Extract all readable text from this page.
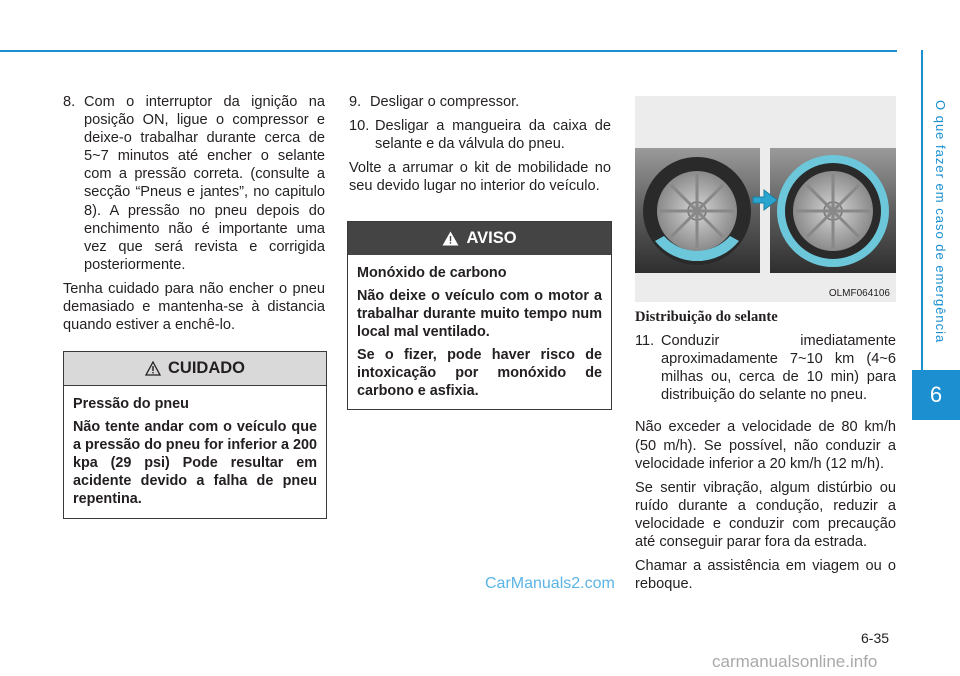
O que fazer em caso de emergência
6
8. Com o interruptor da ignição na posição ON, ligue o compressor e deixe-o trabalhar durante cerca de 5~7 minutos até encher o selante com a pressão correta. (consulte a secção “Pneus e jantes”, no capitulo 8). A pressão no pneu depois do enchimento não é importante uma vez que será revista e corrigida posteriormente.

Tenha cuidado para não encher o pneu demasiado e mantenha-se à distancia quando estiver a enchê-lo.

CUIDADO

Pressão do pneu

Não tente andar com o veículo que a pressão do pneu for inferior a 200 kpa (29 psi) Pode resultar em acidente devido a falha de pneu repentina.

9. Desligar o compressor.
10. Desligar a mangueira da caixa de selante e da válvula do pneu.

Volte a arrumar o kit de mobilidade no seu devido lugar no interior do veículo.

AVISO

Monóxido de carbono

Não deixe o veículo com o motor a trabalhar durante muito tempo num local mal ventilado.

Se o fizer, pode haver risco de intoxicação por monóxido de carbono e asfixia.

OLMF064106

Distribuição do selante

11. Conduzir imediatamente aproximadamente 7~10 km (4~6 milhas ou, cerca de 10 min) para distribuição do selante no pneu.

Não exceder a velocidade de 80 km/h (50 m/h). Se possível, não conduzir a velocidade inferior a 20 km/h (12 m/h).

Se sentir vibração, algum distúrbio ou ruído durante a condução, reduzir a velocidade e conduzir com precaução até conseguir parar fora da estrada.

Chamar a assistência em viagem ou o reboque.

CarManuals2.com
6-35
carmanualsonline.info
